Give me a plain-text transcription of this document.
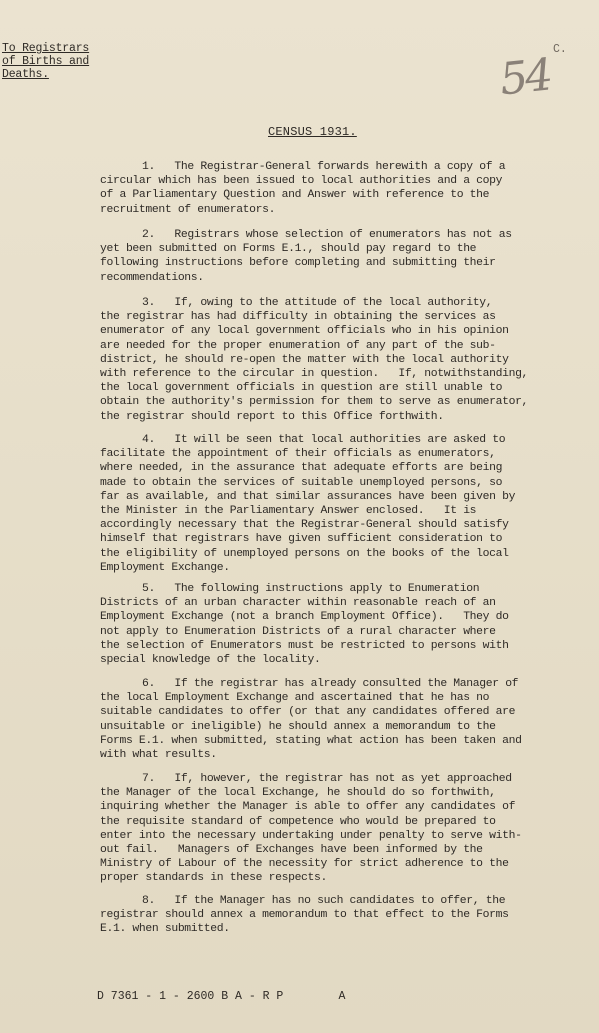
To Registrars
of Births and
Deaths.
C.
54
CENSUS 1931.
1.   The Registrar-General forwards herewith a copy of a
circular which has been issued to local authorities and a copy
of a Parliamentary Question and Answer with reference to the
recruitment of enumerators.
2.   Registrars whose selection of enumerators has not as
yet been submitted on Forms E.1., should pay regard to the
following instructions before completing and submitting their
recommendations.
3.   If, owing to the attitude of the local authority,
the registrar has had difficulty in obtaining the services as
enumerator of any local government officials who in his opinion
are needed for the proper enumeration of any part of the sub-
district, he should re-open the matter with the local authority
with reference to the circular in question.   If, notwithstanding,
the local government officials in question are still unable to
obtain the authority's permission for them to serve as enumerator,
the registrar should report to this Office forthwith.
4.   It will be seen that local authorities are asked to
facilitate the appointment of their officials as enumerators,
where needed, in the assurance that adequate efforts are being
made to obtain the services of suitable unemployed persons, so
far as available, and that similar assurances have been given by
the Minister in the Parliamentary Answer enclosed.   It is
accordingly necessary that the Registrar-General should satisfy
himself that registrars have given sufficient consideration to
the eligibility of unemployed persons on the books of the local
Employment Exchange.
5.   The following instructions apply to Enumeration
Districts of an urban character within reasonable reach of an
Employment Exchange (not a branch Employment Office).   They do
not apply to Enumeration Districts of a rural character where
the selection of Enumerators must be restricted to persons with
special knowledge of the locality.
6.   If the registrar has already consulted the Manager of
the local Employment Exchange and ascertained that he has no
suitable candidates to offer (or that any candidates offered are
unsuitable or ineligible) he should annex a memorandum to the
Forms E.1. when submitted, stating what action has been taken and
with what results.
7.   If, however, the registrar has not as yet approached
the Manager of the local Exchange, he should do so forthwith,
inquiring whether the Manager is able to offer any candidates of
the requisite standard of competence who would be prepared to
enter into the necessary undertaking under penalty to serve with-
out fail.   Managers of Exchanges have been informed by the
Ministry of Labour of the necessity for strict adherence to the
proper standards in these respects.
8.   If the Manager has no such candidates to offer, the
registrar should annex a memorandum to that effect to the Forms
E.1. when submitted.
D 7361 - 1 - 2600 B A - R P        A
